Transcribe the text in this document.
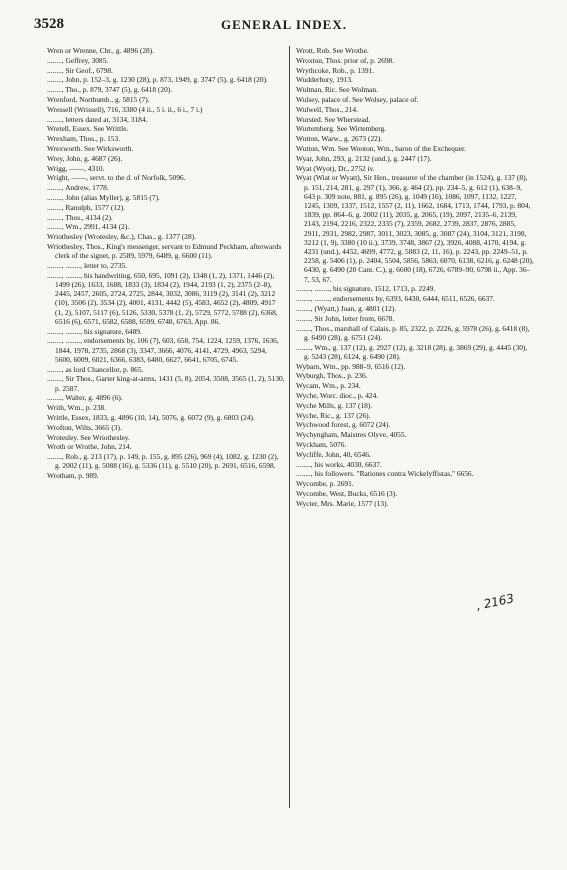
3528	GENERAL INDEX.
Wren or Wrenne, Chr., g. 4896 (28).
........, Geffrey, 3085.
........, Sir Geof., 6798.
........, John, p. 152–3, g. 1230 (28), p. 873, 1949, g. 3747 (5), g. 6418 (20).
........, Tho., p. 879, 3747 (5), g. 6418 (20).
Wrenford, Northumb., g. 5815 (7).
Wressell (Wrissell), 716, 3380 (4 ii., 5 i. ii., 6 i., 7 i.)
........, letters dated at, 3134, 3184.
Wretell, Essex. See Writtle.
Wrexham, Thos., p. 153.
Wrexworth. See Wirksworth.
Wrey, John, g. 4687 (26).
Wrigg, ——, 4310.
Wright, ——, servt. to the d. of Norfolk, 5096.
........, Andrew, 1778.
........, John (alias Myller), g. 5815 (7).
........, Ranulph, 1577 (12).
........, Thos., 4134 (2).
........, Wm., 2991, 4134 (2).
Wriothesley (Wrotesley, &c.), Chas., g. 1377 (28).
Wriothesley, Thos., King's messenger, servant to Edmund Peckham, afterwards clerk of the signet, p. 2589, 5979, 6489, g. 6600 (11).
........, ........, letter to, 2735.
........, ........, his handwriting, 650, 695, 1091 (2), 1348 (1, 2), 1371, 1446 (2), 1499 (26), 1633, 1688, 1833 (3), 1834 (2), 1944, 2193 (1, 2), 2375 (2–8), 2445, 2457, 2605, 2724, 2725, 2844, 3032, 3086, 3119 (2), 3141 (2), 3212 (10), 3506 (2), 3534 (2), 4001, 4131, 4442 (5), 4583, 4652 (2), 4809, 4917 (1, 2), 5107, 5117 (6), 5126, 5330, 5378 (1, 2), 5729, 5772, 5788 (2), 6368, 6516 (6), 6571, 6582, 6588, 6599, 6748, 6763, App. 86.
........, ........, his signature, 6489.
........, ........, endorsements by, 106 (7), 603, 658, 754, 1224, 1259, 1376, 1636, 1844, 1978, 2735, 2868 (3), 3347, 3666, 4076, 4141, 4729, 4963, 5294, 5600, 6009, 6021, 6366, 6383, 6480, 6627, 6641, 6705, 6745.
........, as lord Chancellor, p. 865.
........, Sir Thos., Garter king-at-arms, 1431 (5, 8), 2054, 3508, 3565 (1, 2), 5130, p. 2587.
........, Walter, g. 4896 (6).
Writh, Wm., p. 238.
Writtle, Essex, 1833, g. 4896 (10, 14), 5076, g. 6072 (9), g. 6803 (24).
Wrofton, Wilts, 3665 (3).
Wrotesley. See Wriothesley.
Wroth or Wrothe, John, 214.
........, Rob., g. 213 (17), p. 149, p. 155, g. 895 (26), 969 (4), 1082, g. 1230 (2), g. 2002 (11), g. 5088 (16), g. 5336 (11), g. 5510 (20), p. 2691, 6516, 6598.
Wrotham, p. 989.
Wrott, Rob. See Wrothe.
Wroxton, Thos. prior of, p. 2698.
Wrythcoke, Rob., p. 1391.
Wudderbury, 1913.
Wulman, Ric. See Wolman.
Wulsey, palace of. See Wolsey, palace of.
Wulwell, Thos., 214.
Wursted. See Wherstead.
Wurtemberg. See Wirtemberg.
Wutton, Warw., g. 2673 (22).
Wutton, Wm. See Wooton, Wm., baron of the Exchequer.
Wyar, John, 293, g. 2132 (und.), g. 2447 (17).
Wyat (Wyot), Dr., 2752 iv.
Wyat (Wiat or Wyatt), Sir Hen., treasurer of the chamber (in 1524), g. 137 (8), p. 151, 214, 281, g. 297 (1), 366, g. 464 (2), pp. 234–5, g. 612 (1), 638–9, 643 p. 309 note, 881, g. 895 (26), g. 1049 (16), 1086, 1097, 1132, 1227, 1245, 1309, 1337, 1512, 1557 (2, 11), 1662, 1684, 1713, 1744, 1793, p. 804, 1839, pp. 864–6, g. 2002 (11), 2035, g. 2065, (19), 2097, 2135–6, 2139, 2143, 2194, 2216, 2322, 2335 (7), 2359, 2682, 2739, 2837, 2876, 2885, 2911, 2931, 2982, 2987, 3011, 3023, 3085, g. 3087 (24), 3104, 3121, 3198, 3212 (1, 9), 3380 (10 ii.), 3739, 3748, 3867 (2), 3926, 4088, 4170, 4194, g. 4231 (und.), 4452, 4699, 4772, g. 5083 (2, 11, 16), p. 2243, pp. 2249–51, p. 2258, g. 5406 (1), p. 2404, 5504, 5856, 5863, 6070, 6138, 6216, g. 6248 (20), 6430, g. 6490 (20 Cant. C.), g. 6600 (18), 6726, 6789–90, 6798 ii., App. 36–7, 53, 67.
........, ........, his signature, 1512, 1713, p. 2249.
........, ........, endorsements by, 6393, 6430, 6444, 6511, 6526, 6637.
........, (Wyatt,) Joan, g. 4801 (12).
........, Sir John, letter from, 6678.
........, Thos., marshall of Calais, p. 85, 2322, p. 2226, g. 5978 (26), g. 6418 (8), g. 6490 (28), g. 6751 (24).
........, Wm., g. 137 (12), g. 2927 (12), g. 3218 (28), g. 3869 (29), g. 4445 (30), g. 5243 (28), 6124, g. 6490 (28).
Wybarn, Wm., pp. 988–9, 6516 (12).
Wyburgh, Thos., p. 236.
Wycam, Wm., p. 234.
Wyche, Worc. dioc., p. 424.
Wyche Mills, g. 137 (18).
Wyche, Ric., g. 137 (26).
Wychwood forest, g. 6072 (24).
Wychyngham, Maistres Olyve, 4055.
Wyckham, 5076.
Wycliffe, John, 40, 6546.
........, his works, 4030, 6637.
........, his followers. "Rationes contra Wickelyffistas," 6656.
Wycombe, p. 2691.
Wycombe, West, Bucks, 6516 (3).
Wycter, Mrs. Marie, 1577 (13).
, 2163
